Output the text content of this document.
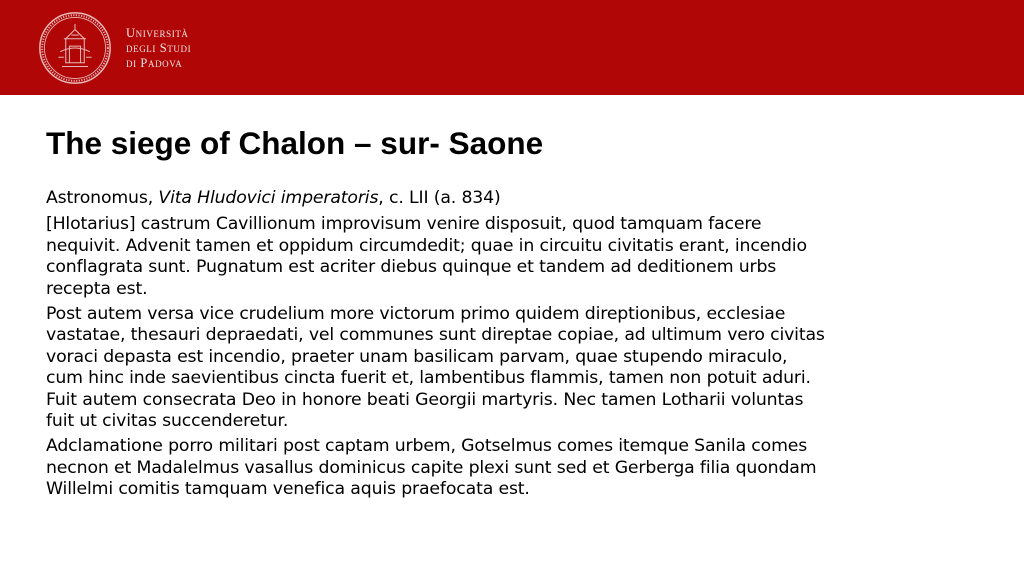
Università
degli Studi
di Padova
The siege of Chalon – sur- Saone
Astronomus, Vita Hludovici imperatoris, c. LII (a. 834)
[Hlotarius] castrum Cavillionum improvisum venire disposuit, quod tamquam facere
nequivit. Advenit tamen et oppidum circumdedit; quae in circuitu civitatis erant, incendio
conflagrata sunt. Pugnatum est acriter diebus quinque et tandem ad deditionem urbs
recepta est.
Post autem versa vice crudelium more victorum primo quidem direptionibus, ecclesiae
vastatae, thesauri depraedati, vel communes sunt direptae copiae, ad ultimum vero civitas
voraci depasta est incendio, praeter unam basilicam parvam, quae stupendo miraculo,
cum hinc inde saevientibus cincta fuerit et, lambentibus flammis, tamen non potuit aduri.
Fuit autem consecrata Deo in honore beati Georgii martyris. Nec tamen Lotharii voluntas
fuit ut civitas succenderetur.
Adclamatione porro militari post captam urbem, Gotselmus comes itemque Sanila comes
necnon et Madalelmus vasallus dominicus capite plexi sunt sed et Gerberga filia quondam
Willelmi comitis tamquam venefica aquis praefocata est.
